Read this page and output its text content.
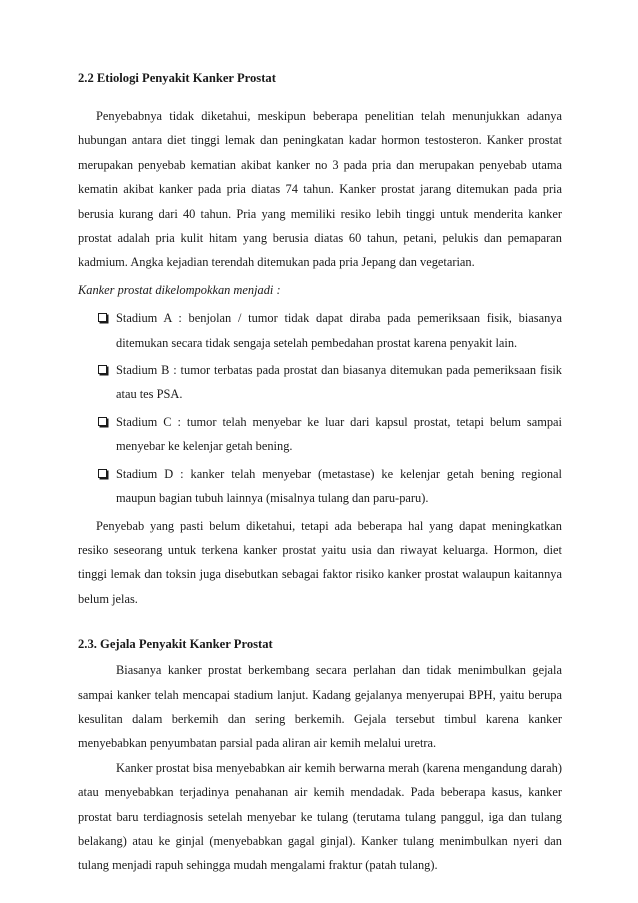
2.2 Etiologi Penyakit Kanker Prostat

Penyebabnya tidak diketahui, meskipun beberapa penelitian telah menunjukkan adanya hubungan antara diet tinggi lemak dan peningkatan kadar hormon testosteron. Kanker prostat merupakan penyebab kematian akibat kanker no 3 pada pria dan merupakan penyebab utama kematin akibat kanker pada pria diatas 74 tahun. Kanker prostat jarang ditemukan pada pria berusia kurang dari 40 tahun. Pria yang memiliki resiko lebih tinggi untuk menderita kanker prostat adalah pria kulit hitam yang berusia diatas 60 tahun, petani, pelukis dan pemaparan kadmium. Angka kejadian terendah ditemukan pada pria Jepang dan vegetarian.

Kanker prostat dikelompokkan menjadi :

Stadium A : benjolan / tumor tidak dapat diraba pada pemeriksaan fisik, biasanya ditemukan secara tidak sengaja setelah pembedahan prostat karena penyakit lain.
Stadium B : tumor terbatas pada prostat dan biasanya ditemukan pada pemeriksaan fisik atau tes PSA.
Stadium C : tumor telah menyebar ke luar dari kapsul prostat, tetapi belum sampai menyebar ke kelenjar getah bening.
Stadium D : kanker telah menyebar (metastase) ke kelenjar getah bening regional maupun bagian tubuh lainnya (misalnya tulang dan paru-paru).

Penyebab yang pasti belum diketahui, tetapi ada beberapa hal yang dapat meningkatkan resiko seseorang untuk terkena kanker prostat yaitu usia dan riwayat keluarga. Hormon, diet tinggi lemak dan toksin juga disebutkan sebagai faktor risiko kanker prostat walaupun kaitannya belum jelas.

2.3. Gejala Penyakit Kanker Prostat

Biasanya kanker prostat berkembang secara perlahan dan tidak menimbulkan gejala sampai kanker telah mencapai stadium lanjut. Kadang gejalanya menyerupai BPH, yaitu berupa kesulitan dalam berkemih dan sering berkemih. Gejala tersebut timbul karena kanker menyebabkan penyumbatan parsial pada aliran air kemih melalui uretra.

Kanker prostat bisa menyebabkan air kemih berwarna merah (karena mengandung darah) atau menyebabkan terjadinya penahanan air kemih mendadak. Pada beberapa kasus, kanker prostat baru terdiagnosis setelah menyebar ke tulang (terutama tulang panggul, iga dan tulang belakang) atau ke ginjal (menyebabkan gagal ginjal). Kanker tulang menimbulkan nyeri dan tulang menjadi rapuh sehingga mudah mengalami fraktur (patah tulang).
